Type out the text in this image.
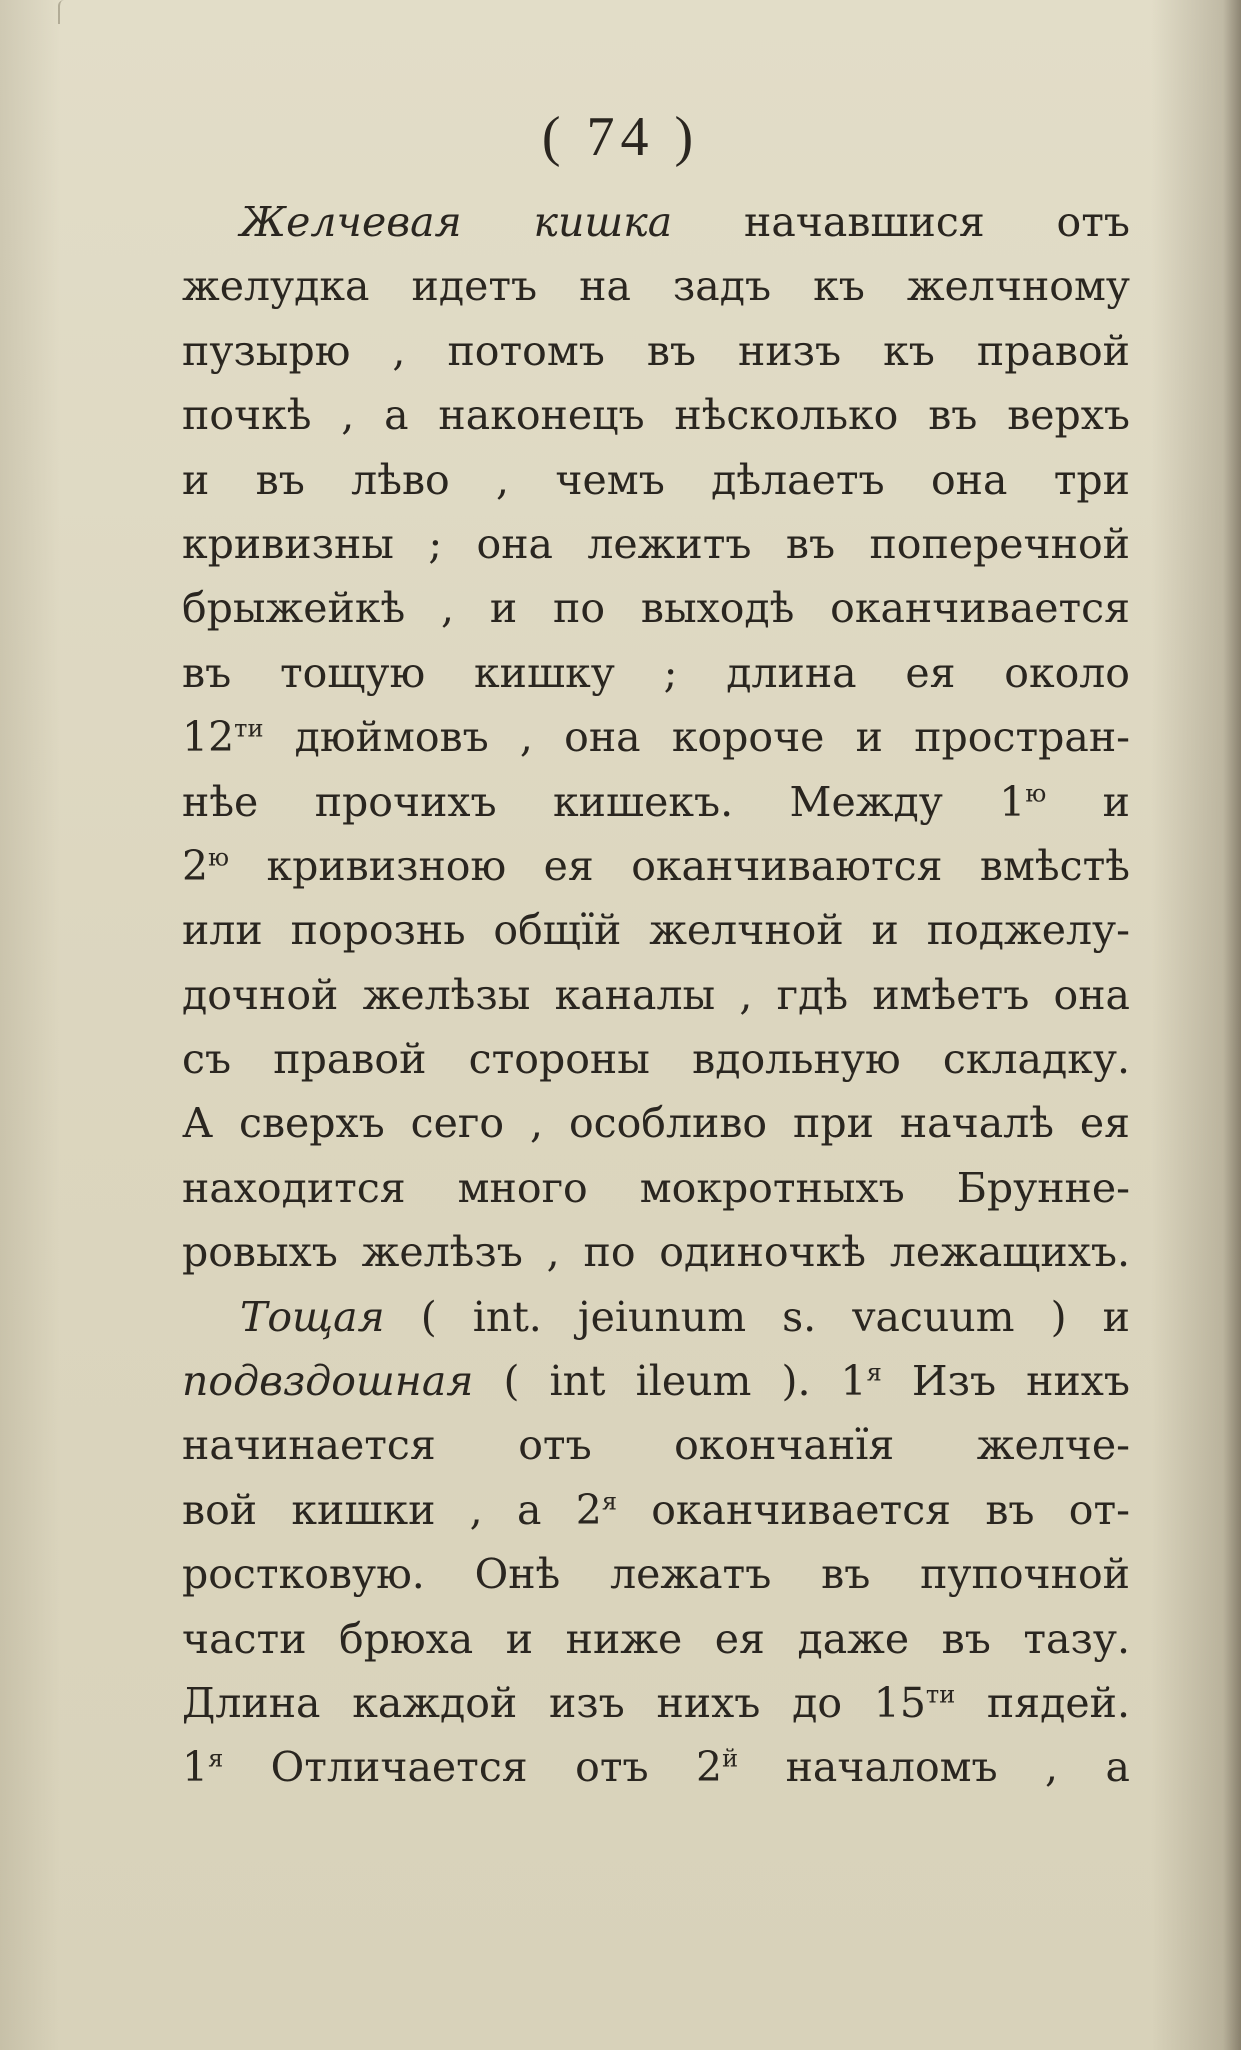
( 74 )
Желчевая кишка начавшися отъ
желудка идетъ на задъ къ желчному
пузырю , потомъ въ низъ къ правой
почкѣ , а наконецъ нѣсколько въ верхъ
и въ лѣво , чемъ дѣлаетъ она три
кривизны ; она лежитъ въ поперечной
брыжейкѣ , и по выходѣ оканчивается
въ тощую кишку ; длина ея около
$12^{ти}$ дюймовъ , она короче и простран-
нѣе прочихъ кишекъ. Между $1^ю$ и
$2^ю$ кривизною ея оканчиваются вмѣстѣ
или порознь общїй желчной и поджелу-
дочной желѣзы каналы , гдѣ имѣетъ она
съ правой стороны вдольную складку.
А сверхъ сего , особливо при началѣ ея
находится много мокротныхъ Брунне-
ровыхъ желѣзъ , по одиночкѣ лежащихъ.
Тощая ( int. jeiunum s. vacuum ) и
подвздошная ( int ileum ). $1^я$ Изъ нихъ
начинается отъ окончанїя желче-
вой кишки , а $2^я$ оканчивается въ от-
ростковую. Онѣ лежатъ въ пупочной
части брюха и ниже ея даже въ тазу.
Длина каждой изъ нихъ до $15^{ти}$ пядей.
$1^я$ Отличается отъ $2^й$ началомъ , а
